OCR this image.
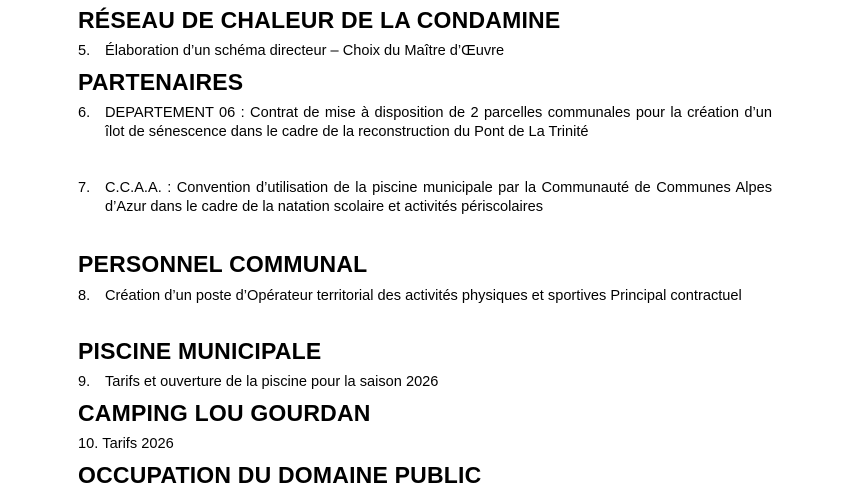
RÉSEAU DE CHALEUR DE LA CONDAMINE
5.	Élaboration d’un schéma directeur – Choix du Maître d’Œuvre
PARTENAIRES
6.	DEPARTEMENT 06 : Contrat de mise à disposition de 2 parcelles communales pour la création d’un îlot de sénescence dans le cadre de la reconstruction du Pont de La Trinité
7.	C.C.A.A. : Convention d’utilisation de la piscine municipale par la Communauté de Communes Alpes d’Azur dans le cadre de la natation scolaire et activités périscolaires
PERSONNEL COMMUNAL
8.	Création d’un poste d’Opérateur territorial des activités physiques et sportives Principal contractuel
PISCINE MUNICIPALE
9.	Tarifs et ouverture de la piscine pour la saison 2026
CAMPING LOU GOURDAN
10. Tarifs 2026
OCCUPATION DU DOMAINE PUBLIC
